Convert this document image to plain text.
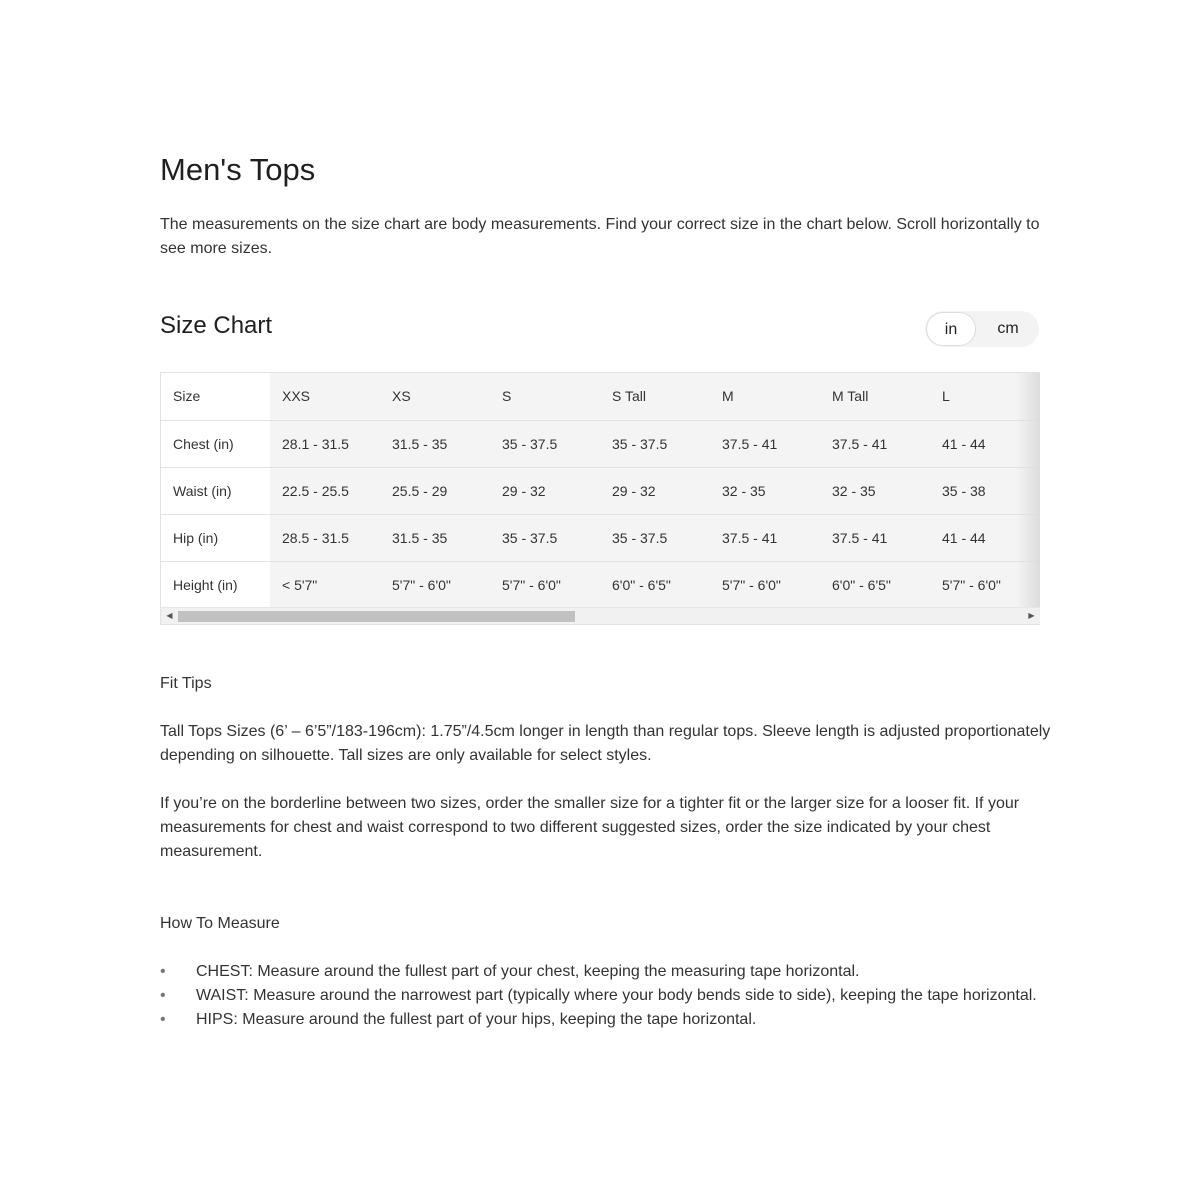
Men's Tops

The measurements on the size chart are body measurements. Find your correct size in the chart below. Scroll horizontally to see more sizes.

Size Chart	in	cm
Size	XXS	XS	S	S Tall	M	M Tall	L
Chest (in)	28.1 - 31.5	31.5 - 35	35 - 37.5	35 - 37.5	37.5 - 41	37.5 - 41	41 - 44
Waist (in)	22.5 - 25.5	25.5 - 29	29 - 32	29 - 32	32 - 35	32 - 35	35 - 38
Hip (in)	28.5 - 31.5	31.5 - 35	35 - 37.5	35 - 37.5	37.5 - 41	37.5 - 41	41 - 44
Height (in)	< 5'7"	5'7" - 6'0"	5'7" - 6'0"	6'0" - 6'5"	5'7" - 6'0"	6'0" - 6'5"	5'7" - 6'0"
◀	▶

Fit Tips

Tall Tops Sizes (6’ – 6’5”/183-196cm): 1.75”/4.5cm longer in length than regular tops. Sleeve length is adjusted proportionately depending on silhouette. Tall sizes are only available for select styles.

If you’re on the borderline between two sizes, order the smaller size for a tighter fit or the larger size for a looser fit. If your measurements for chest and waist correspond to two different suggested sizes, order the size indicated by your chest measurement.

How To Measure

• CHEST: Measure around the fullest part of your chest, keeping the measuring tape horizontal.
• WAIST: Measure around the narrowest part (typically where your body bends side to side), keeping the tape horizontal.
• HIPS: Measure around the fullest part of your hips, keeping the tape horizontal.
